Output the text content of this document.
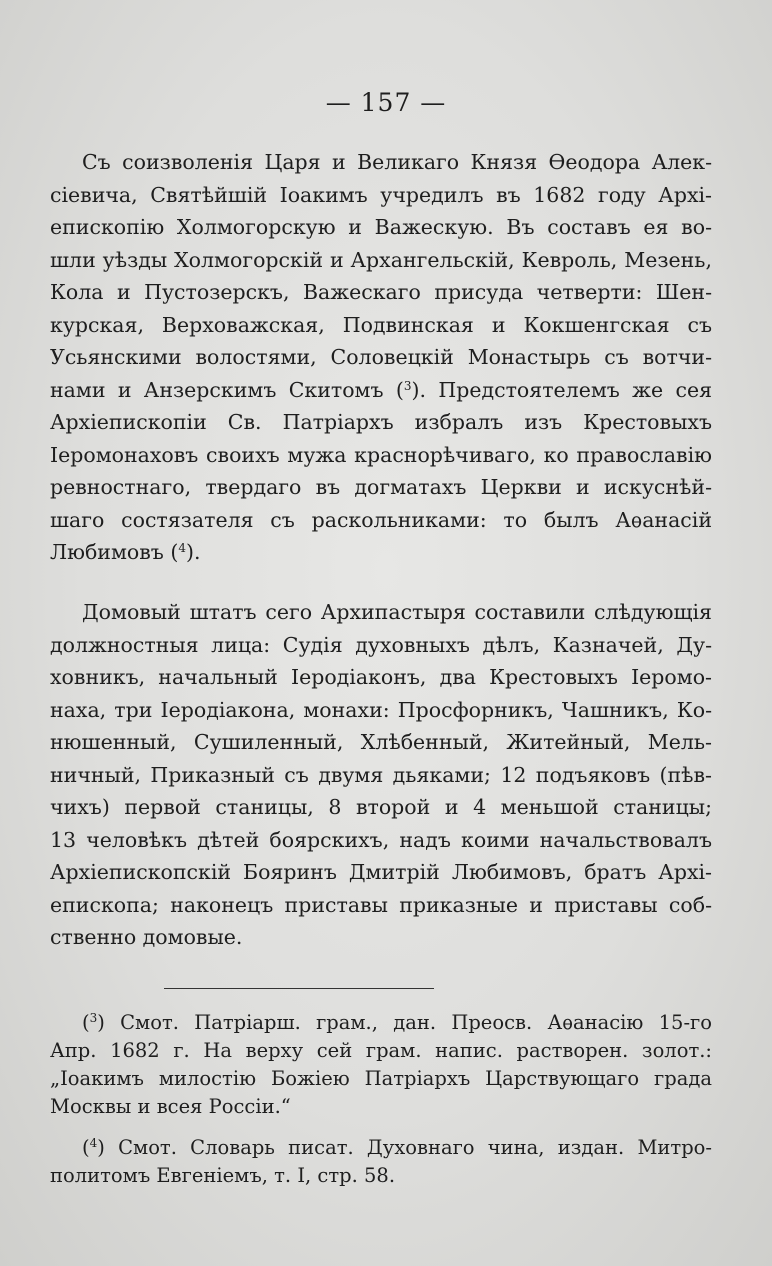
— 157 —
Съ соизволенія Царя и Великаго Князя Ѳеодора Алек-
сіевича, Святѣйшій Іоакимъ учредилъ въ 1682 году Архі-
епископію Холмогорскую и Важескую. Въ составъ ея во-
шли уѣзды Холмогорскій и Архангельскій, Кевроль, Мезень,
Кола и Пустозерскъ, Важескаго присуда четверти: Шен-
курская, Верховажская, Подвинская и Кокшенгская съ
Усьянскими волостями, Соловецкій Монастырь съ вотчи-
нами и Анзерскимъ Скитомъ ($^3$). Предстоятелемъ же сея
Архіепископіи Св. Патріархъ избралъ изъ Крестовыхъ
Іеромонаховъ своихъ мужа краснорѣчиваго, ко православію
ревностнаго, твердаго въ догматахъ Церкви и искуснѣй-
шаго состязателя съ раскольниками: то былъ Аѳанасій
Любимовъ ($^4$).
Домовый штатъ сего Архипастыря составили слѣдующія
должностныя лица: Судія духовныхъ дѣлъ, Казначей, Ду-
ховникъ, начальный Іеродіаконъ, два Крестовыхъ Іеромо-
наха, три Іеродіакона, монахи: Просфорникъ, Чашникъ, Ко-
нюшенный, Сушиленный, Хлѣбенный, Житейный, Мель-
ничный, Приказный съ двумя дьяками; 12 подъяковъ (пѣв-
чихъ) первой станицы, 8 второй и 4 меньшой станицы;
13 человѣкъ дѣтей боярскихъ, надъ коими начальствовалъ
Архіепископскій Бояринъ Дмитрій Любимовъ, братъ Архі-
епископа; наконецъ приставы приказные и приставы соб-
ственно домовые.
($^3$) Смот. Патріарш. грам., дан. Преосв. Аѳанасію 15-го
Апр. 1682 г. На верху сей грам. напис. растворен. золот.:
„Іоакимъ милостію Божіею Патріархъ Царствующаго града
Москвы и всея Россіи.“
($^4$) Смот. Словарь писат. Духовнаго чина, издан. Митро-
политомъ Евгеніемъ, т. I, стр. 58.
